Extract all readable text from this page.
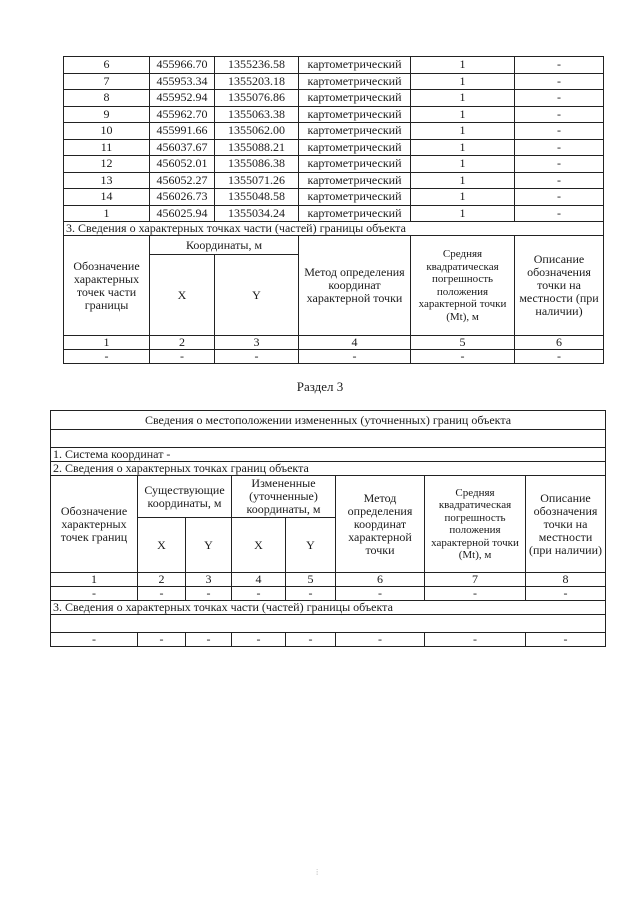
6	455966.70	1355236.58	картометрический	1	-
7	455953.34	1355203.18	картометрический	1	-
8	455952.94	1355076.86	картометрический	1	-
9	455962.70	1355063.38	картометрический	1	-
10	455991.66	1355062.00	картометрический	1	-
11	456037.67	1355088.21	картометрический	1	-
12	456052.01	1355086.38	картометрический	1	-
13	456052.27	1355071.26	картометрический	1	-
14	456026.73	1355048.58	картометрический	1	-
1	456025.94	1355034.24	картометрический	1	-
3. Сведения о характерных точках части (частей) границы объекта					
Обозначение характерных точек части границы	Координаты, м		Метод определения координат характерной точки	Средняя квадратическая погрешность положения характерной точки (Mt), м	Описание обозначения точки на местности (при наличии)
	X	Y			
1	2	3	4	5	6
-	-	-	-	-	-
Раздел 3
Сведения о местоположении измененных (уточненных) границ объекта							

1. Система координат -							
2. Сведения о характерных точках границ объекта							
Обозначение характерных точек границ	Существующие координаты, м		Измененные (уточненные) координаты, м		Метод определения координат характерной точки	Средняя квадратическая погрешность положения характерной точки (Mt), м	Описание обозначения точки на местности (при наличии)
	X	Y	X	Y			
1	2	3	4	5	6	7	8
-	-	-	-	-	-	-	-
3. Сведения о характерных точках части (частей) границы объекта							

-	-	-	-	-	-	-	-
⁞
